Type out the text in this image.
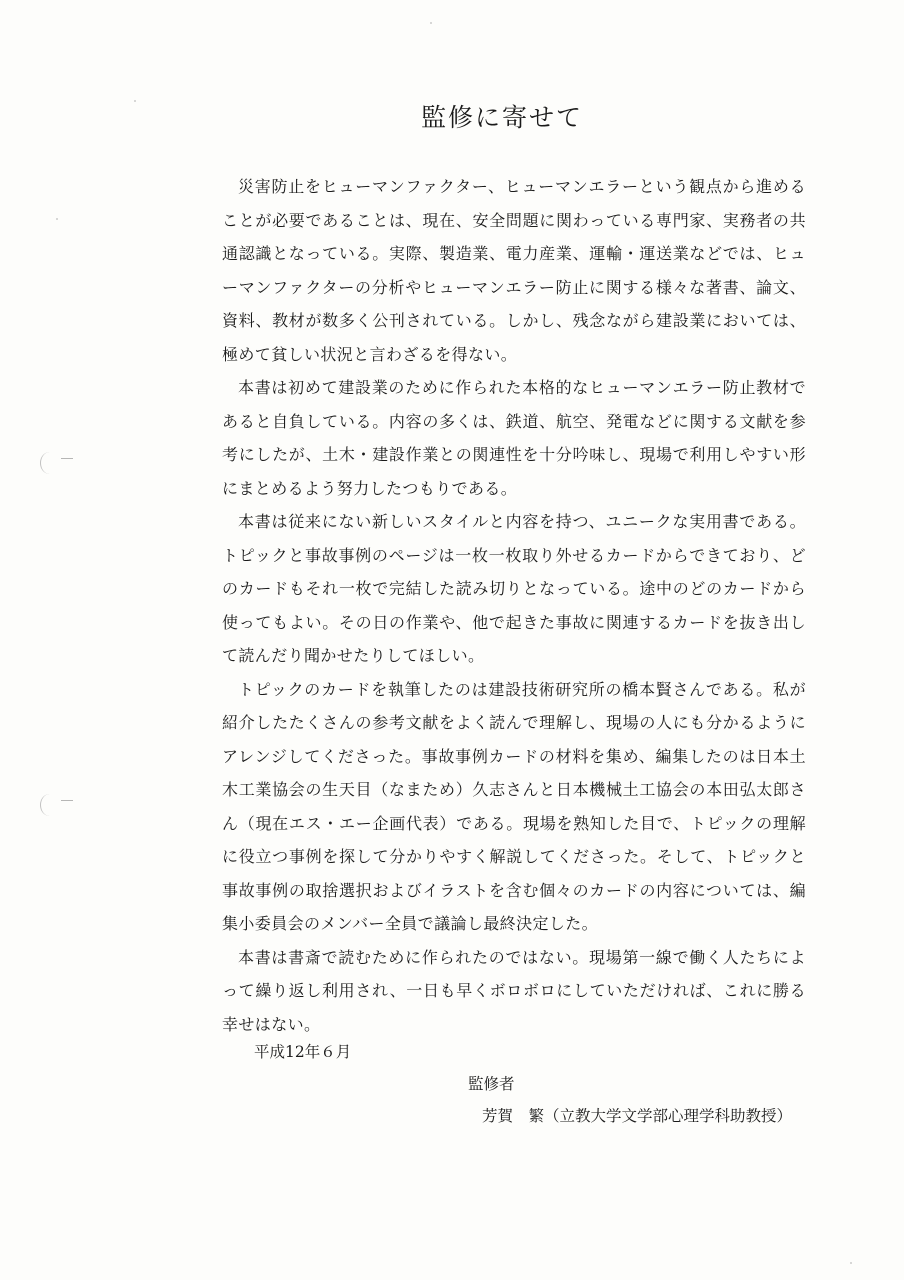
監修に寄せて

災害防止をヒューマンファクター、ヒューマンエラーという観点から進めることが必要であることは、現在、安全問題に関わっている専門家、実務者の共通認識となっている。実際、製造業、電力産業、運輸・運送業などでは、ヒューマンファクターの分析やヒューマンエラー防止に関する様々な著書、論文、資料、教材が数多く公刊されている。しかし、残念ながら建設業においては、極めて貧しい状況と言わざるを得ない。

本書は初めて建設業のために作られた本格的なヒューマンエラー防止教材であると自負している。内容の多くは、鉄道、航空、発電などに関する文献を参考にしたが、土木・建設作業との関連性を十分吟味し、現場で利用しやすい形にまとめるよう努力したつもりである。

本書は従来にない新しいスタイルと内容を持つ、ユニークな実用書である。トピックと事故事例のページは一枚一枚取り外せるカードからできており、どのカードもそれ一枚で完結した読み切りとなっている。途中のどのカードから使ってもよい。その日の作業や、他で起きた事故に関連するカードを抜き出して読んだり聞かせたりしてほしい。

トピックのカードを執筆したのは建設技術研究所の橋本賢さんである。私が紹介したたくさんの参考文献をよく読んで理解し、現場の人にも分かるようにアレンジしてくださった。事故事例カードの材料を集め、編集したのは日本土木工業協会の生天目（なまため）久志さんと日本機械土工協会の本田弘太郎さん（現在エス・エー企画代表）である。現場を熟知した目で、トピックの理解に役立つ事例を探して分かりやすく解説してくださった。そして、トピックと事故事例の取捨選択およびイラストを含む個々のカードの内容については、編集小委員会のメンバー全員で議論し最終決定した。

本書は書斎で読むために作られたのではない。現場第一線で働く人たちによって繰り返し利用され、一日も早くボロボロにしていただければ、これに勝る幸せはない。

平成12年６月
監修者
芳賀　繁（立教大学文学部心理学科助教授）
